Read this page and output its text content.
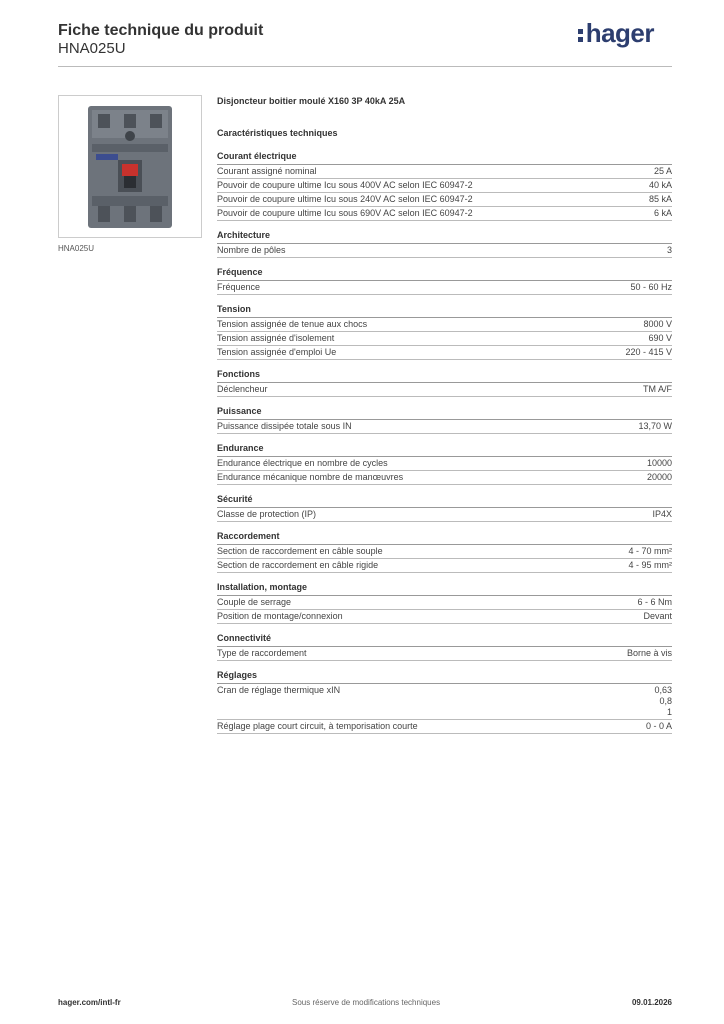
Fiche technique du produit
HNA025U
hager
HNA025U
Disjoncteur boitier moulé X160 3P 40kA 25A
Caractéristiques techniques
Courant électrique
Courant assigné nominal	25 A
Pouvoir de coupure ultime Icu sous 400V AC selon IEC 60947-2	40 kA
Pouvoir de coupure ultime Icu sous 240V AC selon IEC 60947-2	85 kA
Pouvoir de coupure ultime Icu sous 690V AC selon IEC 60947-2	6 kA
Architecture
Nombre de pôles	3
Fréquence
Fréquence	50 - 60 Hz
Tension
Tension assignée de tenue aux chocs	8000 V
Tension assignée d'isolement	690 V
Tension assignée d'emploi Ue	220 - 415 V
Fonctions
Déclencheur	TM A/F
Puissance
Puissance dissipée totale sous IN	13,70 W
Endurance
Endurance électrique en nombre de cycles	10000
Endurance mécanique nombre de manœuvres	20000
Sécurité
Classe de protection (IP)	IP4X
Raccordement
Section de raccordement en câble souple	4 - 70 mm²
Section de raccordement en câble rigide	4 - 95 mm²
Installation, montage
Couple de serrage	6 - 6 Nm
Position de montage/connexion	Devant
Connectivité
Type de raccordement	Borne à vis
Réglages
Cran de réglage thermique xIN	0,63
0,8
1
Réglage plage court circuit, à temporisation courte	0 - 0 A
hager.com/intl-fr	Sous réserve de modifications techniques	09.01.2026
